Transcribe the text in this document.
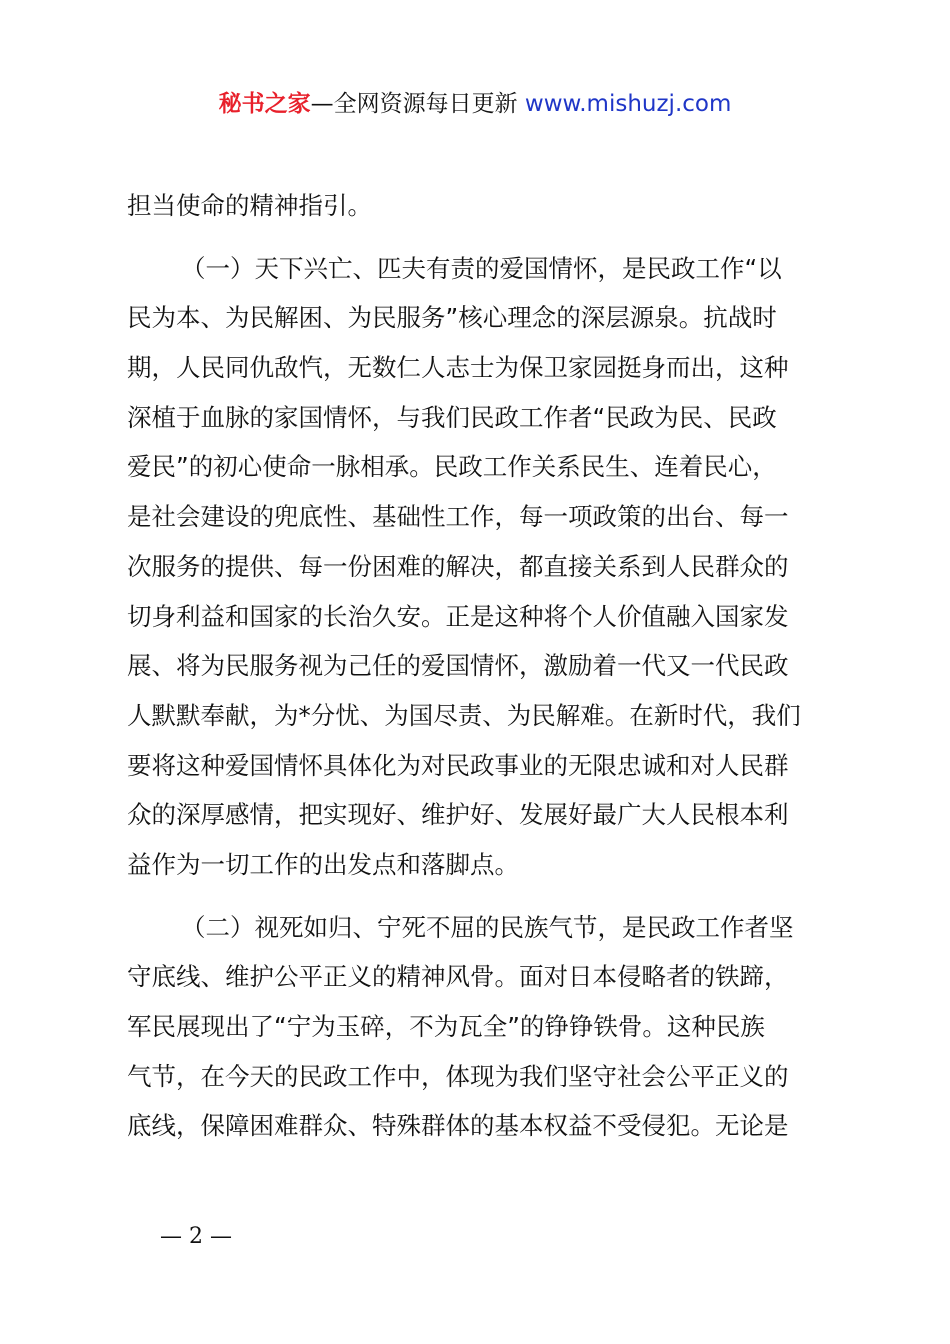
秘书之家—全网资源每日更新 www.mishuzj.com
担当使命的精神指引。
（一）天下兴亡、匹夫有责的爱国情怀，是民政工作“以
民为本、为民解困、为民服务”核心理念的深层源泉。抗战时
期，人民同仇敌忾，无数仁人志士为保卫家园挺身而出，这种
深植于血脉的家国情怀，与我们民政工作者“民政为民、民政
爱民”的初心使命一脉相承。民政工作关系民生、连着民心，
是社会建设的兜底性、基础性工作，每一项政策的出台、每一
次服务的提供、每一份困难的解决，都直接关系到人民群众的
切身利益和国家的长治久安。正是这种将个人价值融入国家发
展、将为民服务视为己任的爱国情怀，激励着一代又一代民政
人默默奉献，为*分忧、为国尽责、为民解难。在新时代，我们
要将这种爱国情怀具体化为对民政事业的无限忠诚和对人民群
众的深厚感情，把实现好、维护好、发展好最广大人民根本利
益作为一切工作的出发点和落脚点。
（二）视死如归、宁死不屈的民族气节，是民政工作者坚
守底线、维护公平正义的精神风骨。面对日本侵略者的铁蹄，
军民展现出了“宁为玉碎，不为瓦全”的铮铮铁骨。这种民族
气节，在今天的民政工作中，体现为我们坚守社会公平正义的
底线，保障困难群众、特殊群体的基本权益不受侵犯。无论是
— 2 —
